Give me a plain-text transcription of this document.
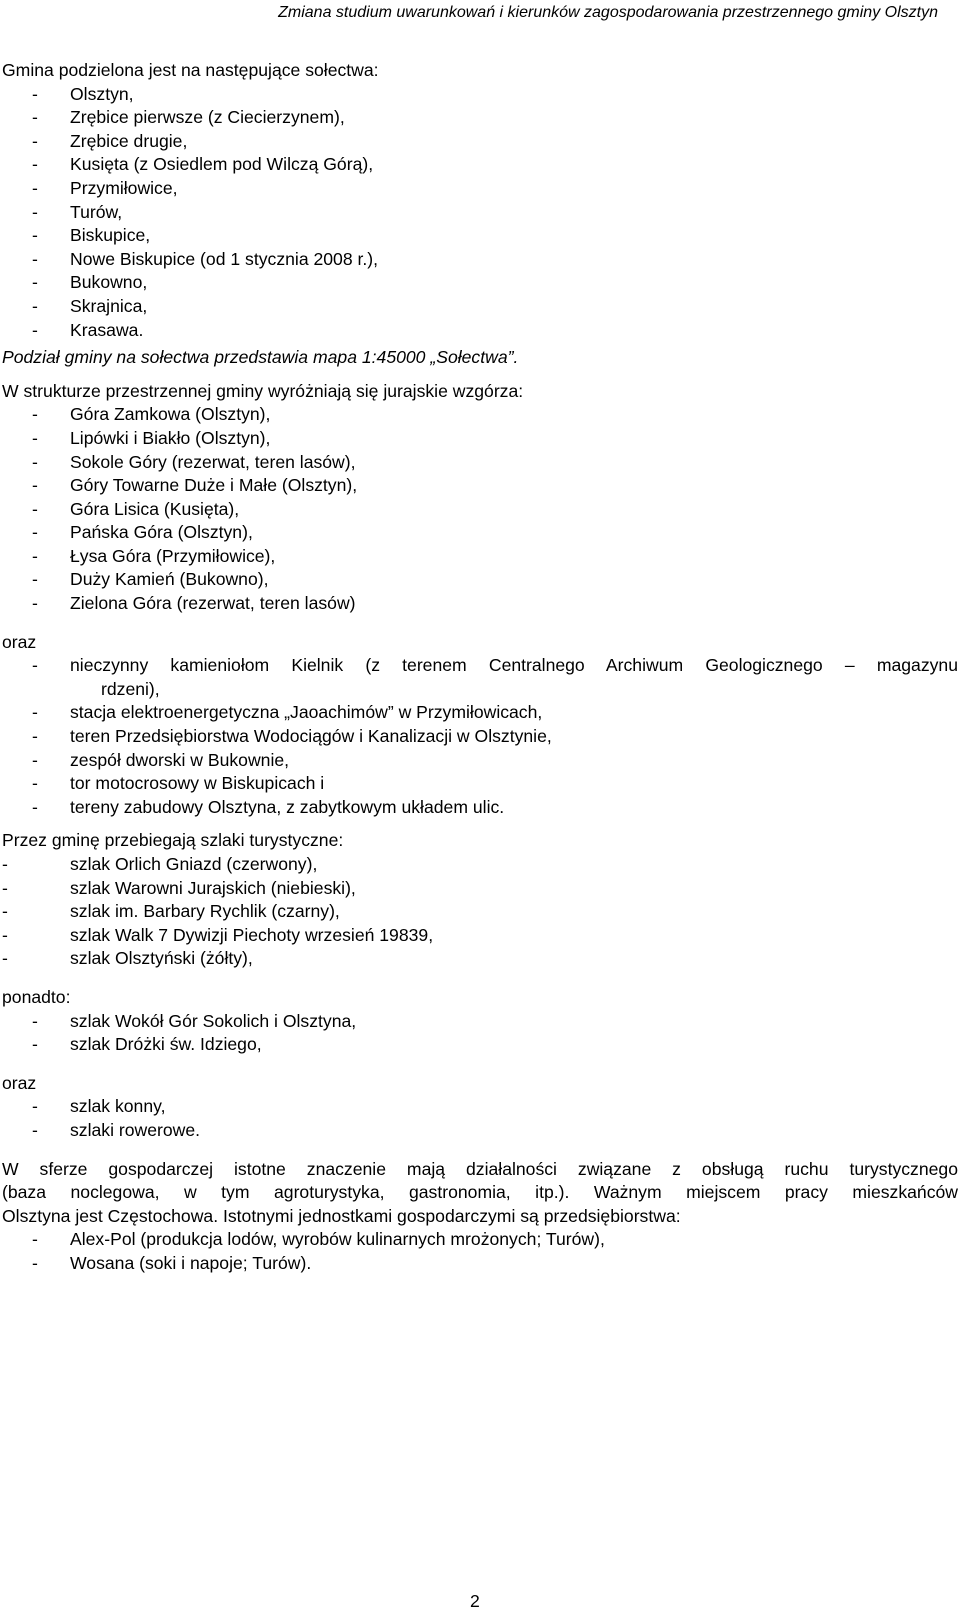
Zmiana studium uwarunkowań i kierunków zagospodarowania przestrzennego gminy Olsztyn
Gmina podzielona jest na następujące sołectwa:
- Olsztyn,
- Zrębice pierwsze (z Ciecierzynem),
- Zrębice drugie,
- Kusięta (z Osiedlem pod Wilczą Górą),
- Przymiłowice,
- Turów,
- Biskupice,
- Nowe Biskupice (od 1 stycznia 2008 r.),
- Bukowno,
- Skrajnica,
- Krasawa.
Podział gminy na sołectwa przedstawia mapa 1:45000 „Sołectwa”.
W strukturze przestrzennej gminy wyróżniają się jurajskie wzgórza:
- Góra Zamkowa (Olsztyn),
- Lipówki i Biakło (Olsztyn),
- Sokole Góry (rezerwat, teren lasów),
- Góry Towarne Duże i Małe (Olsztyn),
- Góra Lisica (Kusięta),
- Pańska Góra (Olsztyn),
- Łysa Góra (Przymiłowice),
- Duży Kamień (Bukowno),
- Zielona Góra (rezerwat, teren lasów)
oraz
- nieczynny kamieniołom Kielnik (z terenem Centralnego Archiwum Geologicznego – magazynu
rdzeni),
- stacja elektroenergetyczna „Jaoachimów” w Przymiłowicach,
- teren Przedsiębiorstwa Wodociągów i Kanalizacji w Olsztynie,
- zespół dworski w Bukownie,
- tor motocrosowy w Biskupicach i
- tereny zabudowy Olsztyna, z zabytkowym układem ulic.
Przez gminę przebiegają szlaki turystyczne:
-	szlak Orlich Gniazd (czerwony),
-	szlak Warowni Jurajskich (niebieski),
-	szlak im. Barbary Rychlik (czarny),
-	szlak Walk 7 Dywizji Piechoty wrzesień 19839,
-	szlak Olsztyński (żółty),
ponadto:
- szlak Wokół Gór Sokolich i Olsztyna,
- szlak Dróżki św. Idziego,
oraz
- szlak konny,
- szlaki rowerowe.
W sferze gospodarczej istotne znaczenie mają działalności związane z obsługą ruchu turystycznego
(baza noclegowa, w tym agroturystyka, gastronomia, itp.). Ważnym miejscem pracy mieszkańców
Olsztyna jest Częstochowa. Istotnymi jednostkami gospodarczymi są przedsiębiorstwa:
- Alex-Pol (produkcja lodów, wyrobów kulinarnych mrożonych; Turów),
- Wosana (soki i napoje; Turów).
2
